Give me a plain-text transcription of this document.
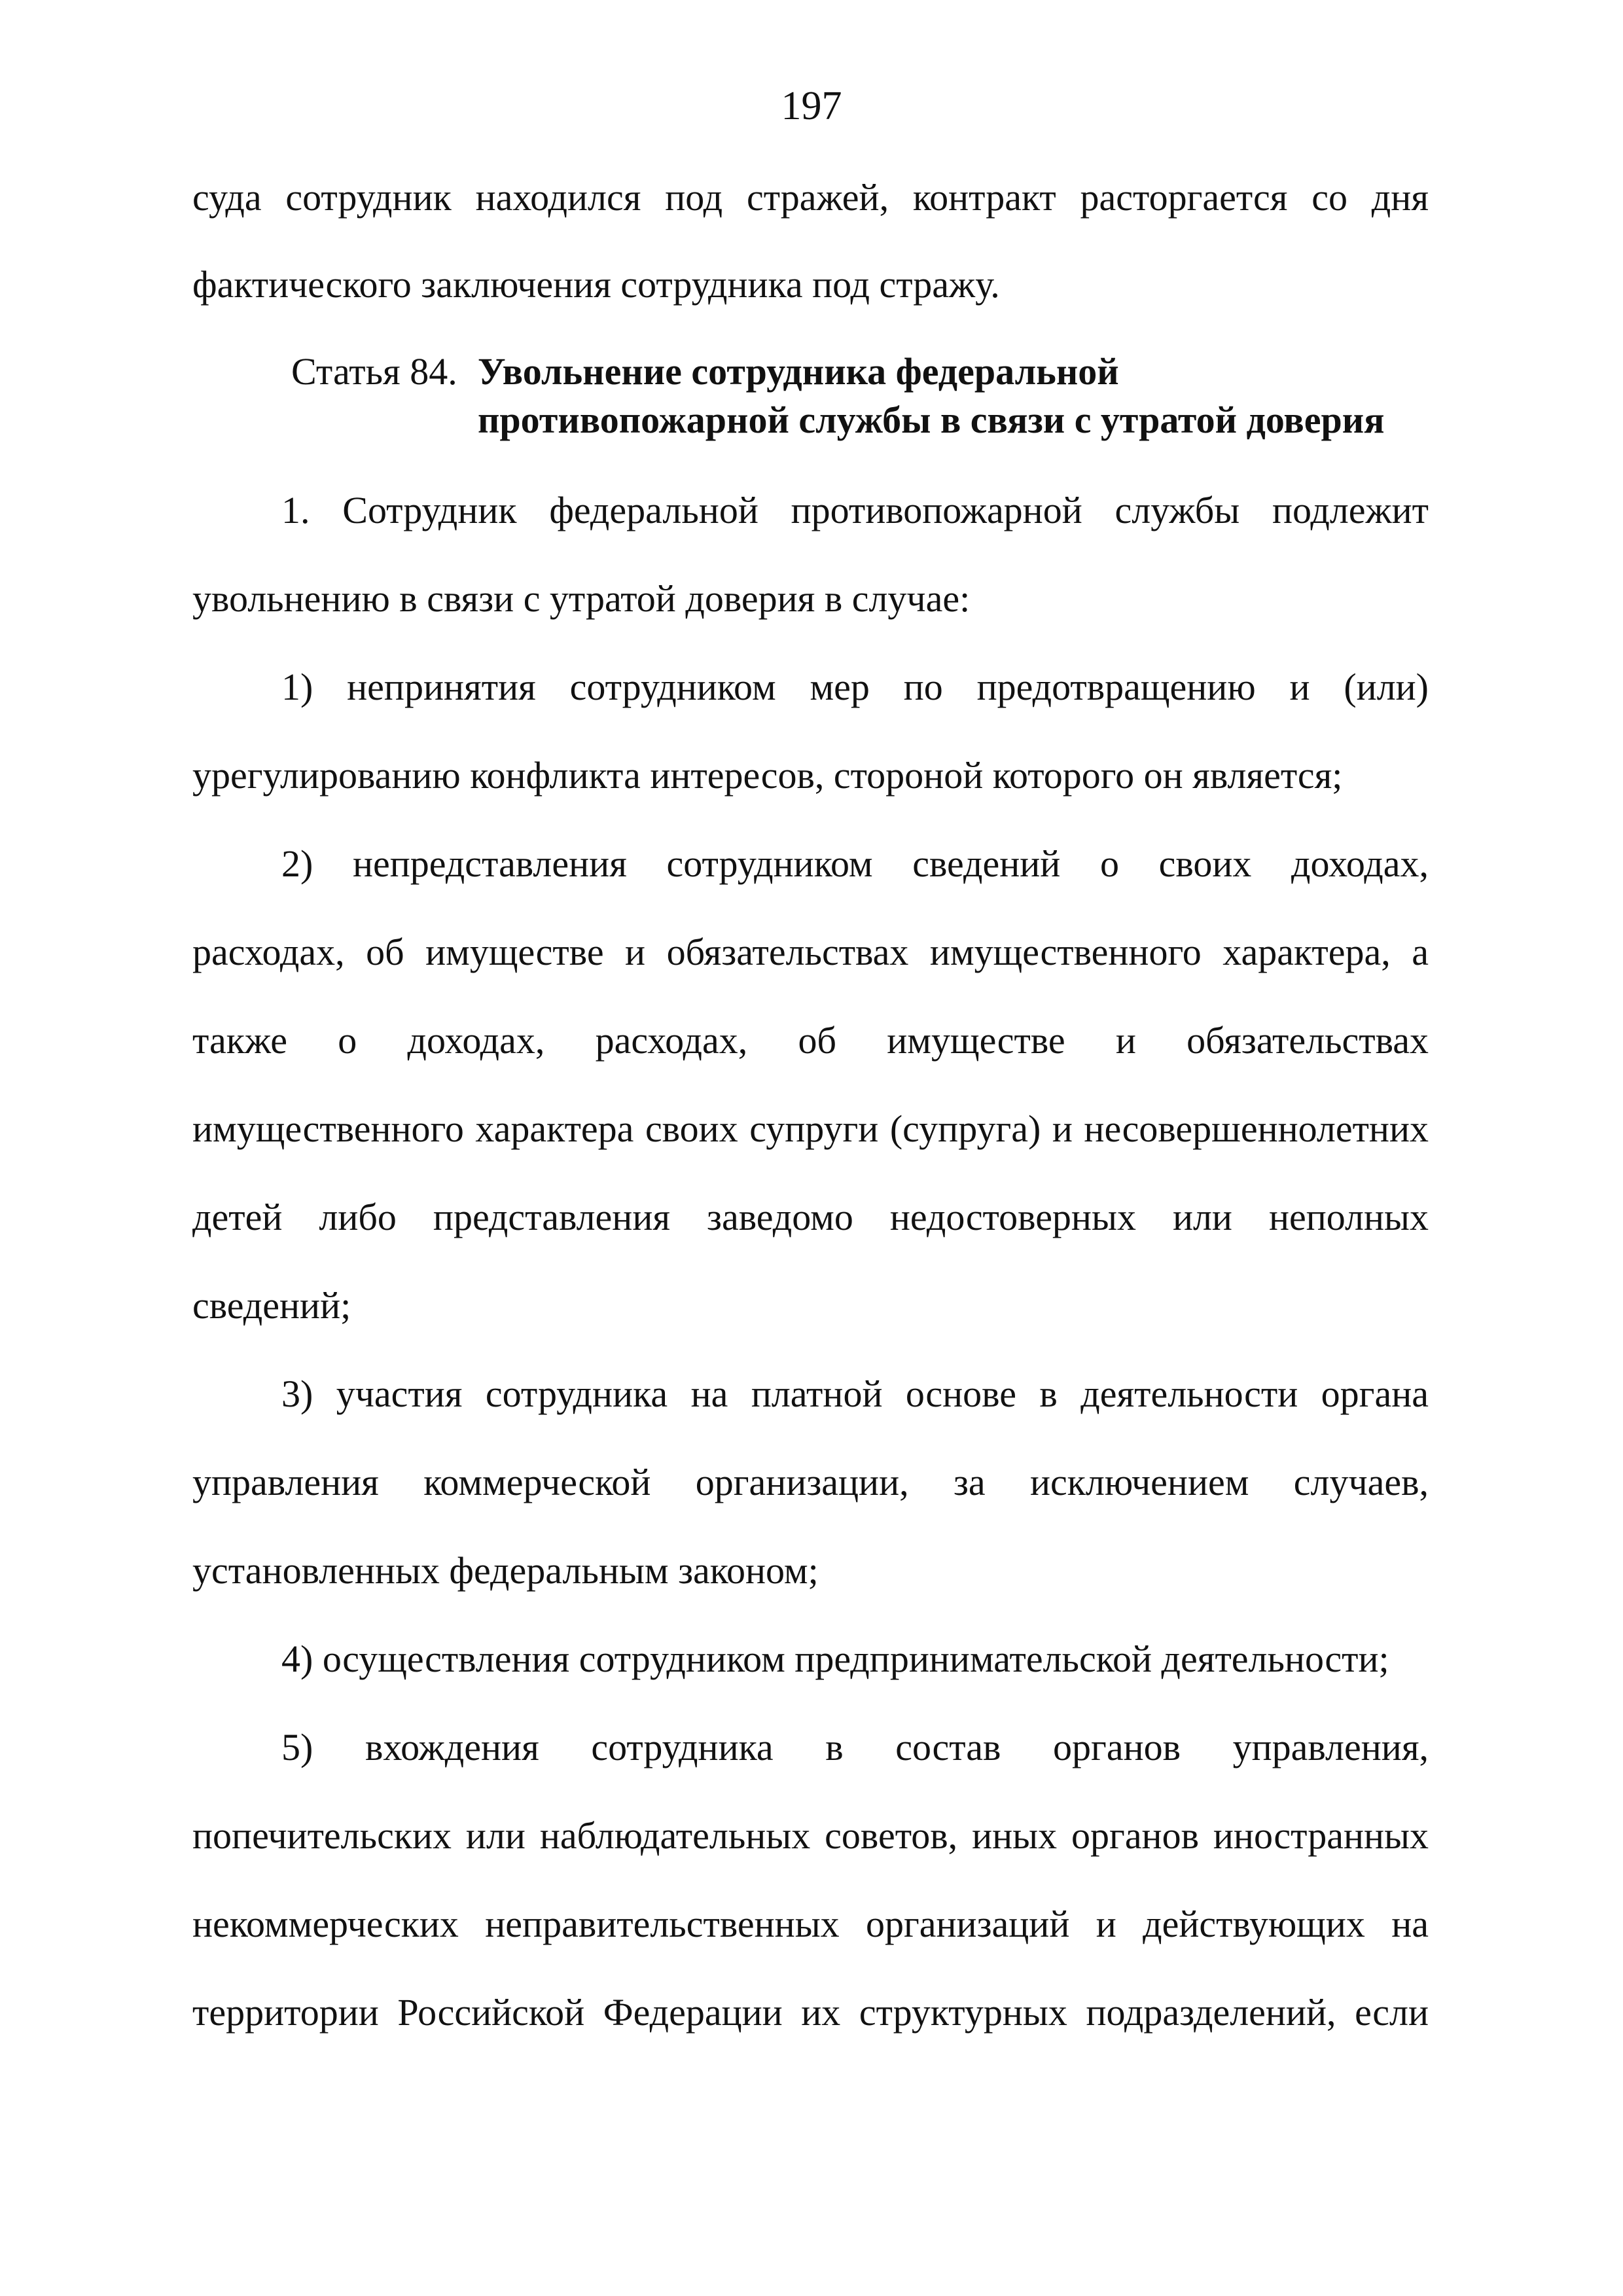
197
суда сотрудник находился под стражей, контракт расторгается со дня
фактического заключения сотрудника под стражу.
Статья 84. Увольнение сотрудника федеральной
противопожарной службы в связи с утратой доверия
1. Сотрудник федеральной противопожарной службы подлежит
увольнению в связи с утратой доверия в случае:
1) непринятия сотрудником мер по предотвращению и (или)
урегулированию конфликта интересов, стороной которого он является;
2) непредставления сотрудником сведений о своих доходах,
расходах, об имуществе и обязательствах имущественного характера, а
также о доходах, расходах, об имуществе и обязательствах
имущественного характера своих супруги (супруга) и несовершеннолетних
детей либо представления заведомо недостоверных или неполных
сведений;
3) участия сотрудника на платной основе в деятельности органа
управления коммерческой организации, за исключением случаев,
установленных федеральным законом;
4) осуществления сотрудником предпринимательской деятельности;
5) вхождения сотрудника в состав органов управления,
попечительских или наблюдательных советов, иных органов иностранных
некоммерческих неправительственных организаций и действующих на
территории Российской Федерации их структурных подразделений, если
